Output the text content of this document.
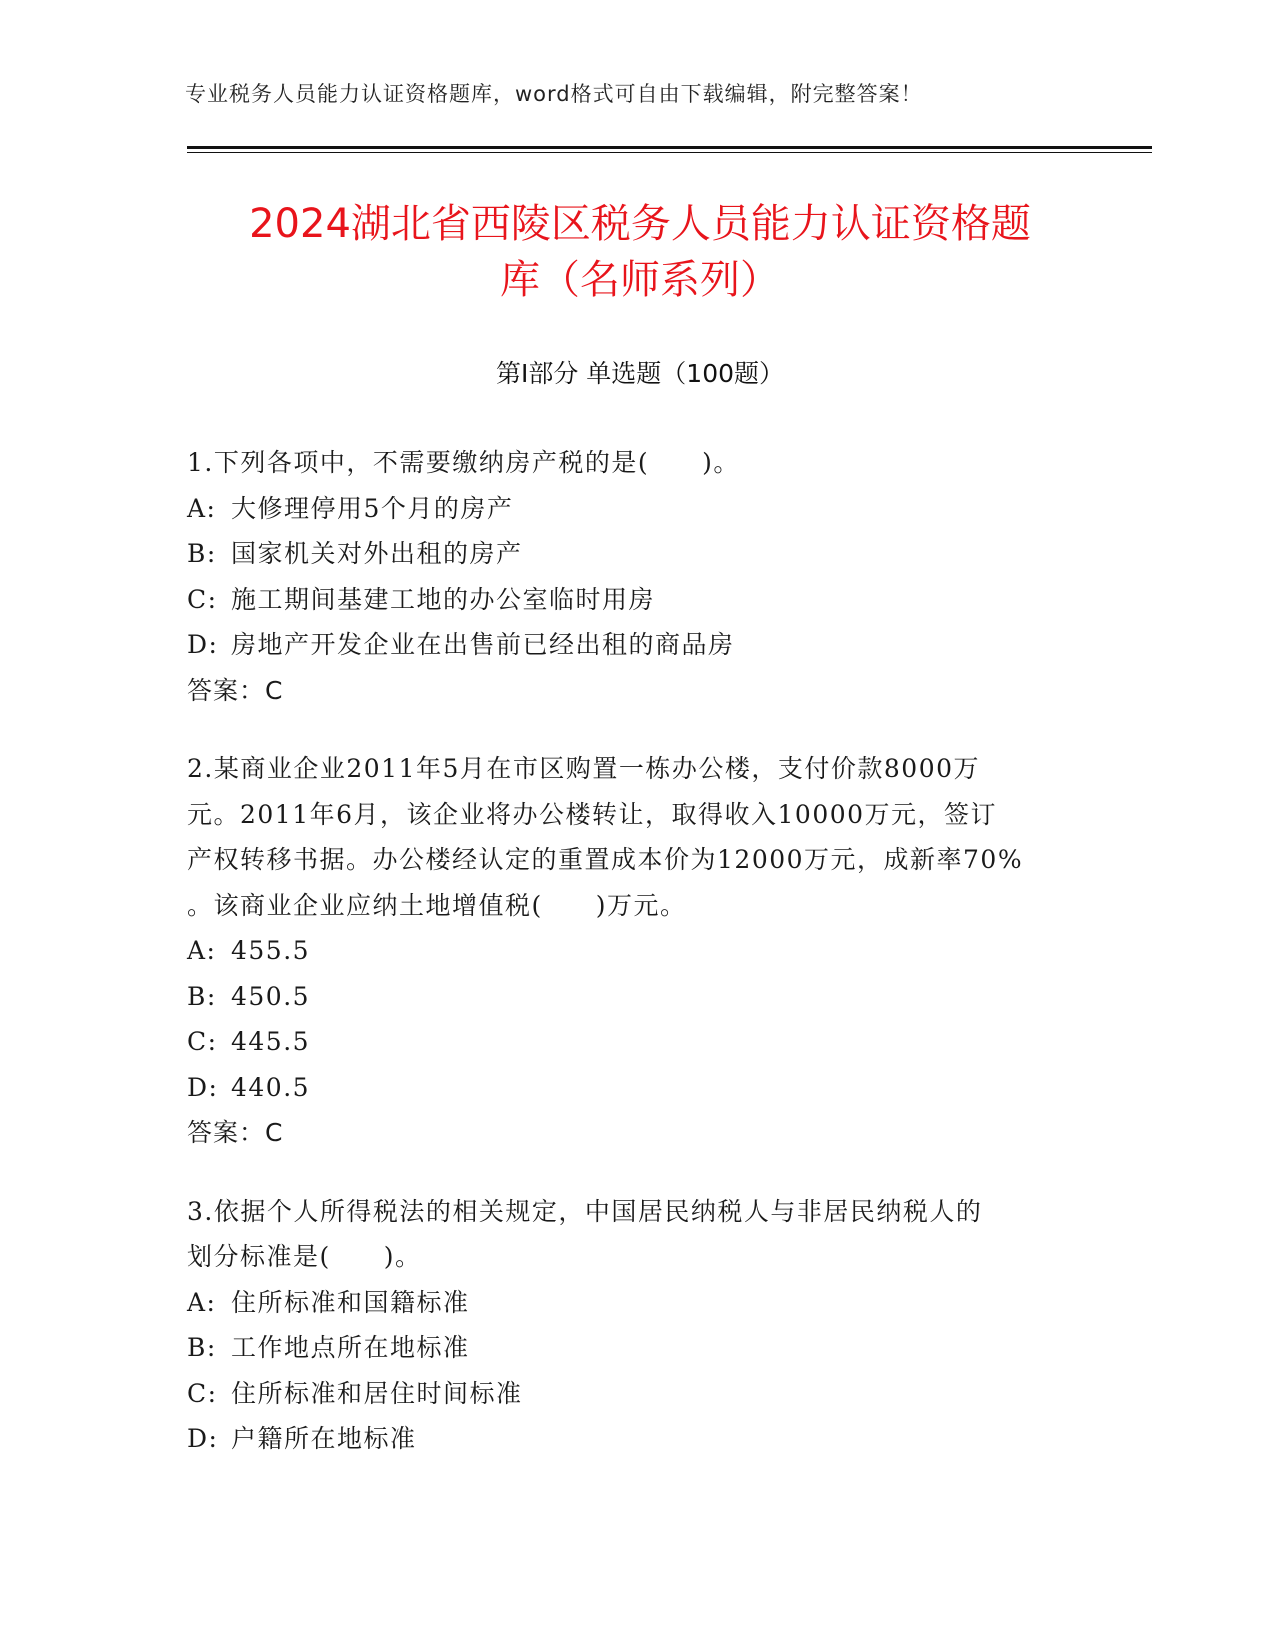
专业税务人员能力认证资格题库，word格式可自由下载编辑，附完整答案！
2024湖北省西陵区税务人员能力认证资格题
库（名师系列）
第Ⅰ部分 单选题（100题）

1.下列各项中，不需要缴纳房产税的是(　　)。

A: 大修理停用5个月的房产

B: 国家机关对外出租的房产

C: 施工期间基建工地的办公室临时用房

D: 房地产开发企业在出售前已经出租的商品房

答案：C

2.某商业企业2011年5月在市区购置一栋办公楼，支付价款8000万

元。2011年6月，该企业将办公楼转让，取得收入10000万元，签订

产权转移书据。办公楼经认定的重置成本价为12000万元，成新率70%

。该商业企业应纳土地增值税(　　)万元。

A: 455.5

B: 450.5

C: 445.5

D: 440.5

答案：C

3.依据个人所得税法的相关规定，中国居民纳税人与非居民纳税人的

划分标准是(　　)。

A: 住所标准和国籍标准

B: 工作地点所在地标准

C: 住所标准和居住时间标准

D: 户籍所在地标准
